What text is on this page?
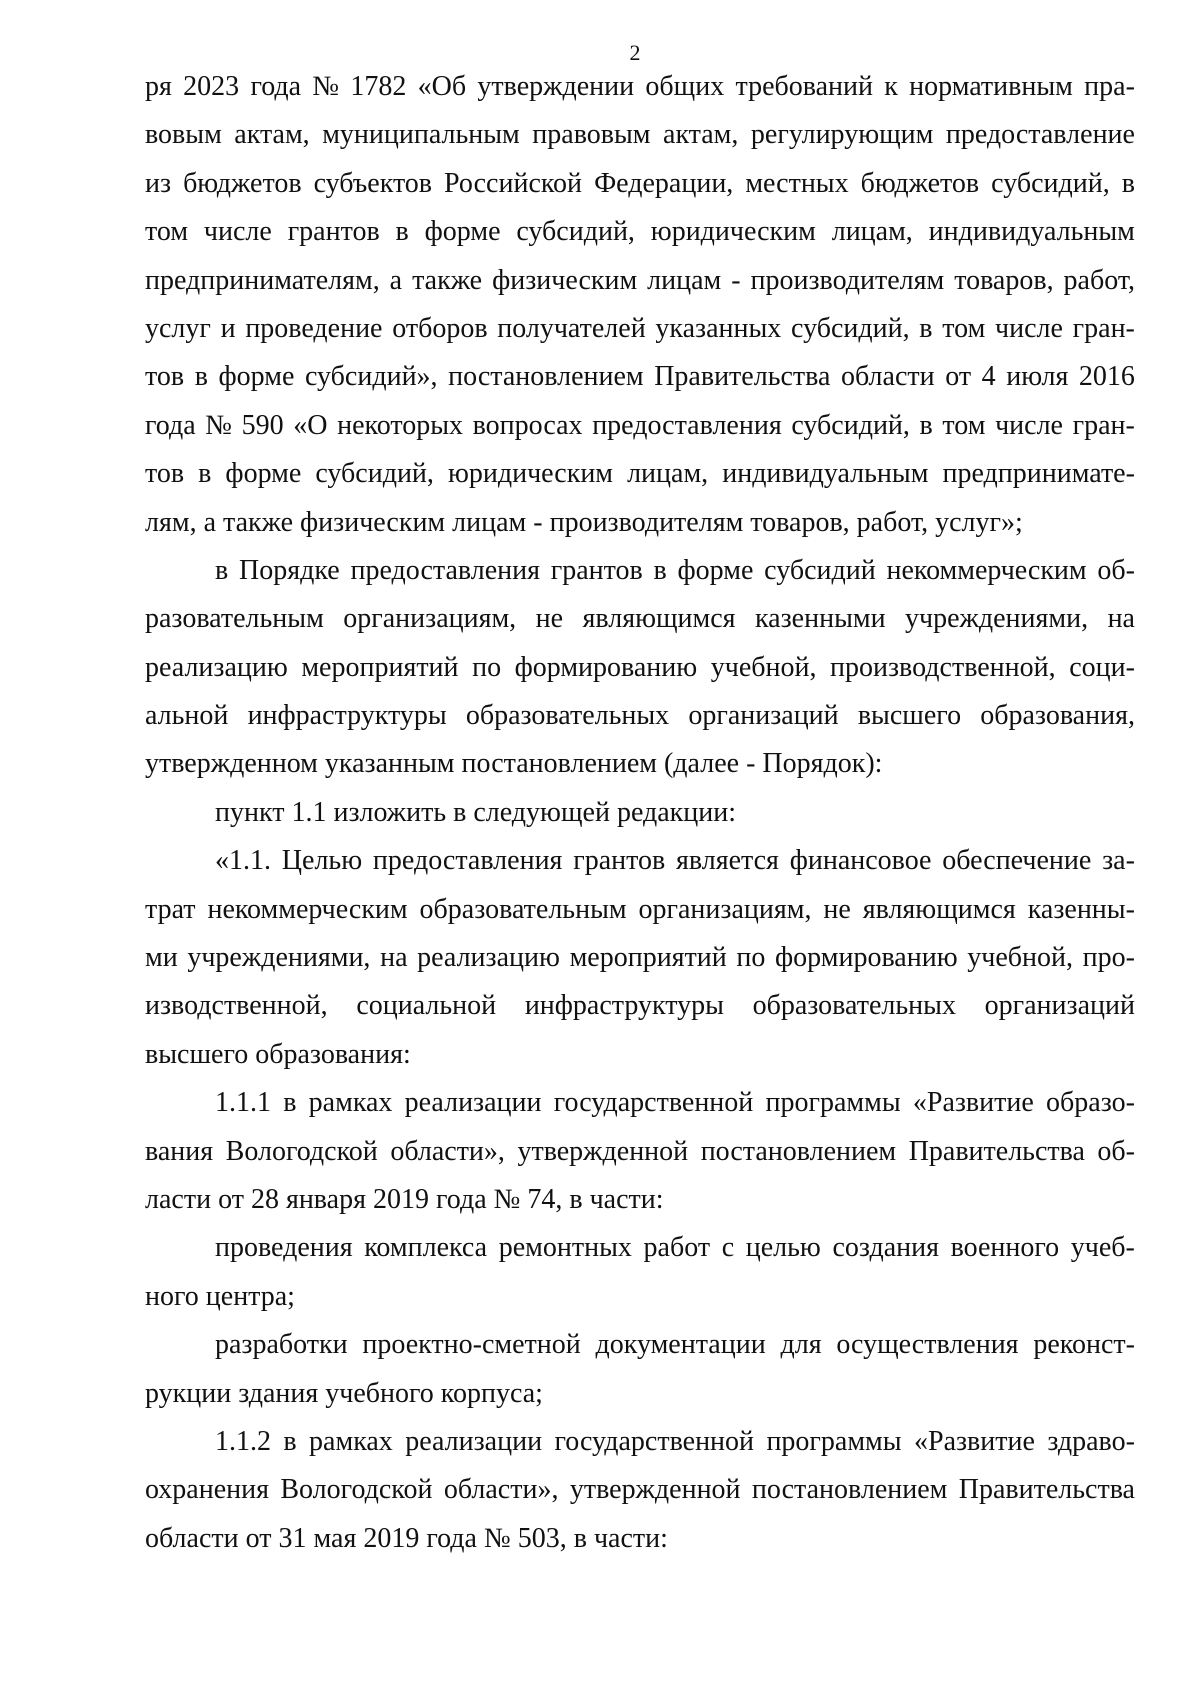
2
ря 2023 года № 1782 «Об утверждении общих требований к нормативным пра-
вовым актам, муниципальным правовым актам, регулирующим предоставление
из бюджетов субъектов Российской Федерации, местных бюджетов субсидий, в
том числе грантов в форме субсидий, юридическим лицам, индивидуальным
предпринимателям, а также физическим лицам - производителям товаров, работ,
услуг и проведение отборов получателей указанных субсидий, в том числе гран-
тов в форме субсидий», постановлением Правительства области от 4 июля 2016
года № 590 «О некоторых вопросах предоставления субсидий, в том числе гран-
тов в форме субсидий, юридическим лицам, индивидуальным предпринимате-
лям, а также физическим лицам - производителям товаров, работ, услуг»;
в Порядке предоставления грантов в форме субсидий некоммерческим об-
разовательным организациям, не являющимся казенными учреждениями, на
реализацию мероприятий по формированию учебной, производственной, соци-
альной инфраструктуры образовательных организаций высшего образования,
утвержденном указанным постановлением (далее - Порядок):
пункт 1.1 изложить в следующей редакции:
«1.1. Целью предоставления грантов является финансовое обеспечение за-
трат некоммерческим образовательным организациям, не являющимся казенны-
ми учреждениями, на реализацию мероприятий по формированию учебной, про-
изводственной, социальной инфраструктуры образовательных организаций
высшего образования:
1.1.1 в рамках реализации государственной программы «Развитие образо-
вания Вологодской области», утвержденной постановлением Правительства об-
ласти от 28 января 2019 года № 74, в части:
проведения комплекса ремонтных работ с целью создания военного учеб-
ного центра;
разработки проектно-сметной документации для осуществления реконст-
рукции здания учебного корпуса;
1.1.2 в рамках реализации государственной программы «Развитие здраво-
охранения Вологодской области», утвержденной постановлением Правительства
области от 31 мая 2019 года № 503, в части:
